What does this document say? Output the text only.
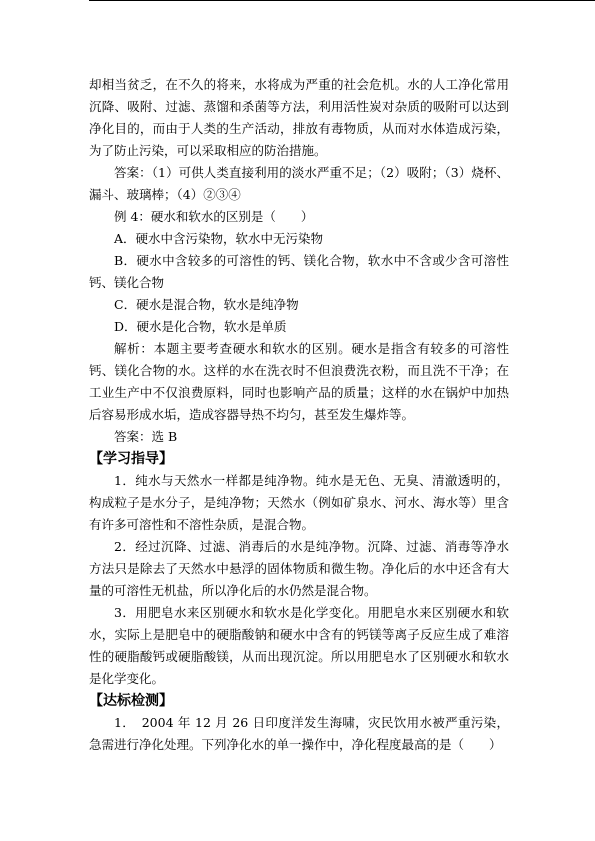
却相当贫乏，在不久的将来，水将成为严重的社会危机。水的人工净化常用沉降、吸附、过滤、蒸馏和杀菌等方法，利用活性炭对杂质的吸附可以达到净化目的，而由于人类的生产活动，排放有毒物质，从而对水体造成污染，为了防止污染，可以采取相应的防治措施。

答案：（1）可供人类直接利用的淡水严重不足；（2）吸附；（3）烧杯、漏斗、玻璃棒；（4）②③④

例 4：硬水和软水的区别是（　　）

A．硬水中含污染物，软水中无污染物

B．硬水中含较多的可溶性的钙、镁化合物，软水中不含或少含可溶性钙、镁化合物

C．硬水是混合物，软水是纯净物

D．硬水是化合物，软水是单质

解析：本题主要考查硬水和软水的区别。硬水是指含有较多的可溶性钙、镁化合物的水。这样的水在洗衣时不但浪费洗衣粉，而且洗不干净；在工业生产中不仅浪费原料，同时也影响产品的质量；这样的水在锅炉中加热后容易形成水垢，造成容器导热不均匀，甚至发生爆炸等。

答案：选 B

【学习指导】

1．纯水与天然水一样都是纯净物。纯水是无色、无臭、清澈透明的，构成粒子是水分子，是纯净物；天然水（例如矿泉水、河水、海水等）里含有许多可溶性和不溶性杂质，是混合物。

2．经过沉降、过滤、消毒后的水是纯净物。沉降、过滤、消毒等净水方法只是除去了天然水中悬浮的固体物质和微生物。净化后的水中还含有大量的可溶性无机盐，所以净化后的水仍然是混合物。

3．用肥皂水来区别硬水和软水是化学变化。用肥皂水来区别硬水和软水，实际上是肥皂中的硬脂酸钠和硬水中含有的钙镁等离子反应生成了难溶性的硬脂酸钙或硬脂酸镁，从而出现沉淀。所以用肥皂水了区别硬水和软水是化学变化。

【达标检测】

1．　2004 年 12 月 26 日印度洋发生海啸，灾民饮用水被严重污染，急需进行净化处理。下列净化水的单一操作中，净化程度最高的是（　　）
